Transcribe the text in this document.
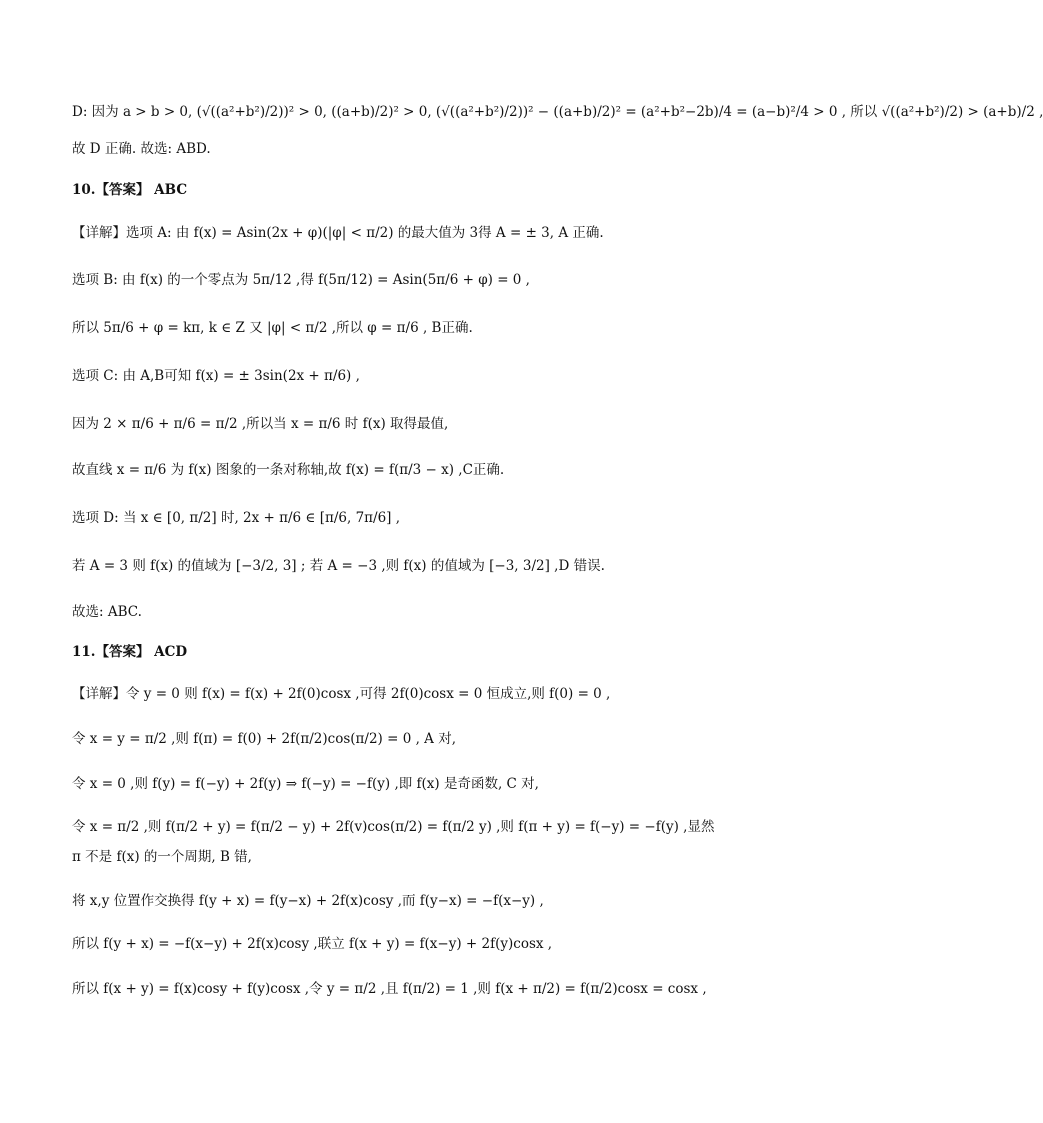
D: 因为 a > b > 0, (√((a²+b²)/2))² > 0, ((a+b)/2)² > 0, (√((a²+b²)/2))² − ((a+b)/2)² = (a²+b²−2b)/4 = (a−b)²/4 > 0 , 所以 √((a²+b²)/2) > (a+b)/2 ,
故 D 正确. 故选: ABD.
10.【答案】 ABC
【详解】选项 A: 由 f(x) = Asin(2x + φ)(|φ| < π/2) 的最大值为 3得 A = ± 3, A 正确.
选项 B: 由 f(x) 的一个零点为 5π/12 ,得 f(5π/12) = Asin(5π/6 + φ) = 0 ,
所以 5π/6 + φ = kπ, k ∈ Z 又 |φ| < π/2 ,所以 φ = π/6 , B正确.
选项 C: 由 A,B可知 f(x) = ± 3sin(2x + π/6) ,
因为 2 × π/6 + π/6 = π/2 ,所以当 x = π/6 时 f(x) 取得最值,
故直线 x = π/6 为 f(x) 图象的一条对称轴,故 f(x) = f(π/3 − x) ,C正确.
选项 D: 当 x ∈ [0, π/2] 时, 2x + π/6 ∈ [π/6, 7π/6] ,
若 A = 3 则 f(x) 的值域为 [−3/2, 3] ; 若 A = −3 ,则 f(x) 的值域为 [−3, 3/2] ,D 错误.
故选: ABC.
11.【答案】 ACD
【详解】令 y = 0 则 f(x) = f(x) + 2f(0)cosx ,可得 2f(0)cosx = 0 恒成立,则 f(0) = 0 ,
令 x = y = π/2 ,则 f(π) = f(0) + 2f(π/2)cos(π/2) = 0 , A 对,
令 x = 0 ,则 f(y) = f(−y) + 2f(y) ⇒ f(−y) = −f(y) ,即 f(x) 是奇函数, C 对,
令 x = π/2 ,则 f(π/2 + y) = f(π/2 − y) + 2f(v)cos(π/2) = f(π/2 y) ,则 f(π + y) = f(−y) = −f(y) ,显然 π 不是 f(x) 的一个周期, B 错,
将 x,y 位置作交换得 f(y + x) = f(y−x) + 2f(x)cosy ,而 f(y−x) = −f(x−y) ,
所以 f(y + x) = −f(x−y) + 2f(x)cosy ,联立 f(x + y) = f(x−y) + 2f(y)cosx ,
所以 f(x + y) = f(x)cosy + f(y)cosx ,令 y = π/2 ,且 f(π/2) = 1 ,则 f(x + π/2) = f(π/2)cosx = cosx ,
